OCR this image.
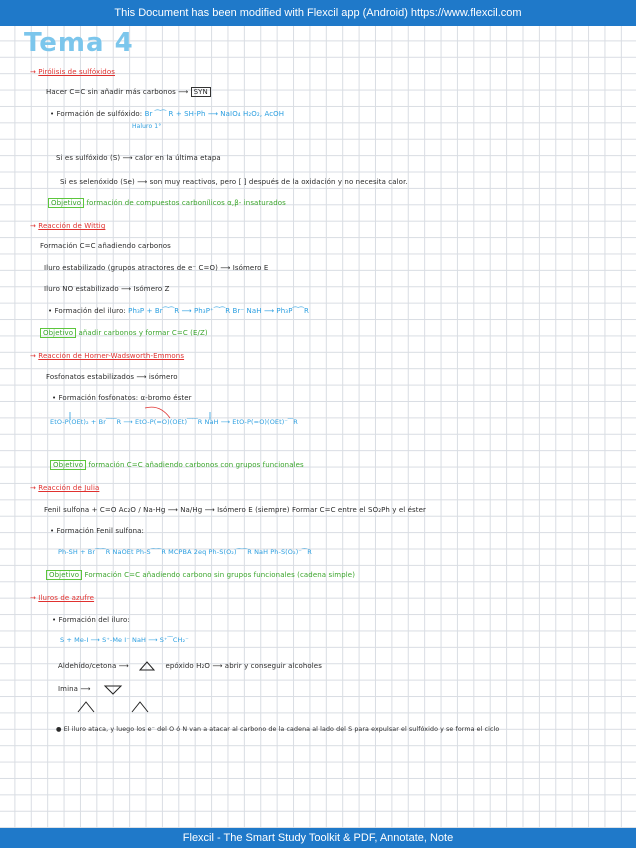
This Document has been modified with Flexcil app (Android) https://www.flexcil.com
Tema 4
→ Pirólisis de sulfóxidos
Hacer C=C sin añadir más carbonos ⟶ SYN
• Formación de sulfóxido: Br ⁀⁀ R + SH-Ph ⟶ NaIO₄ H₂O₂, AcOH
Haluro 1°
Si es sulfóxido (S) ⟶ calor en la última etapa
Si es selenóxido (Se) ⟶ son muy reactivos, pero [ ] después de la oxidación y no necesita calor.
Objetivo formación de compuestos carbonílicos α,β- insaturados
→ Reacción de Wittig
Formación C=C añadiendo carbonos
Iluro estabilizado (grupos atractores de e⁻ C=O) ⟶ Isómero E
Iluro NO estabilizado ⟶ Isómero Z
• Formación del iluro: Ph₃P + Br⁀⁀R ⟶ Ph₃P⁺⁀⁀R Br⁻ NaH ⟶ Ph₃P⁀⁀R
Objetivo añadir carbonos y formar C=C (E/Z)
→ Reacción de Horner-Wadsworth-Emmons
Fosfonatos estabilizados ⟶ isómero
• Formación fosfonatos: α-bromo éster
EtO-P(OEt)₂ + Br⁀⁀R ⟶ EtO-P(=O)(OEt)⁀⁀R NaH ⟶ EtO-P(=O)(OEt)⁻⁀R
Objetivo formación C=C añadiendo carbonos con grupos funcionales
→ Reacción de Julia
Fenil sulfona + C=O Ac₂O / Na-Hg ⟶ Na/Hg ⟶ Isómero E (siempre) Formar C=C entre el SO₂Ph y el éster
• Formación Fenil sulfona:
Ph-SH + Br⁀⁀R NaOEt Ph-S⁀⁀R MCPBA 2eq Ph-S(O₂)⁀⁀R NaH Ph-S(O₂)⁻⁀R
Objetivo Formación C=C añadiendo carbono sin grupos funcionales (cadena simple)
→ Iluros de azufre
• Formación del iluro:
S + Me-I ⟶ S⁺-Me I⁻ NaH ⟶ S⁺⁀CH₂⁻
Aldehído/cetona ⟶	epóxido H₂O ⟶ abrir y conseguir alcoholes
Imina ⟶
● El iluro ataca, y luego los e⁻ del O ó N van a atacar al carbono de la cadena al lado del S para expulsar el sulfóxido y se forma el ciclo
Flexcil - The Smart Study Toolkit & PDF, Annotate, Note
